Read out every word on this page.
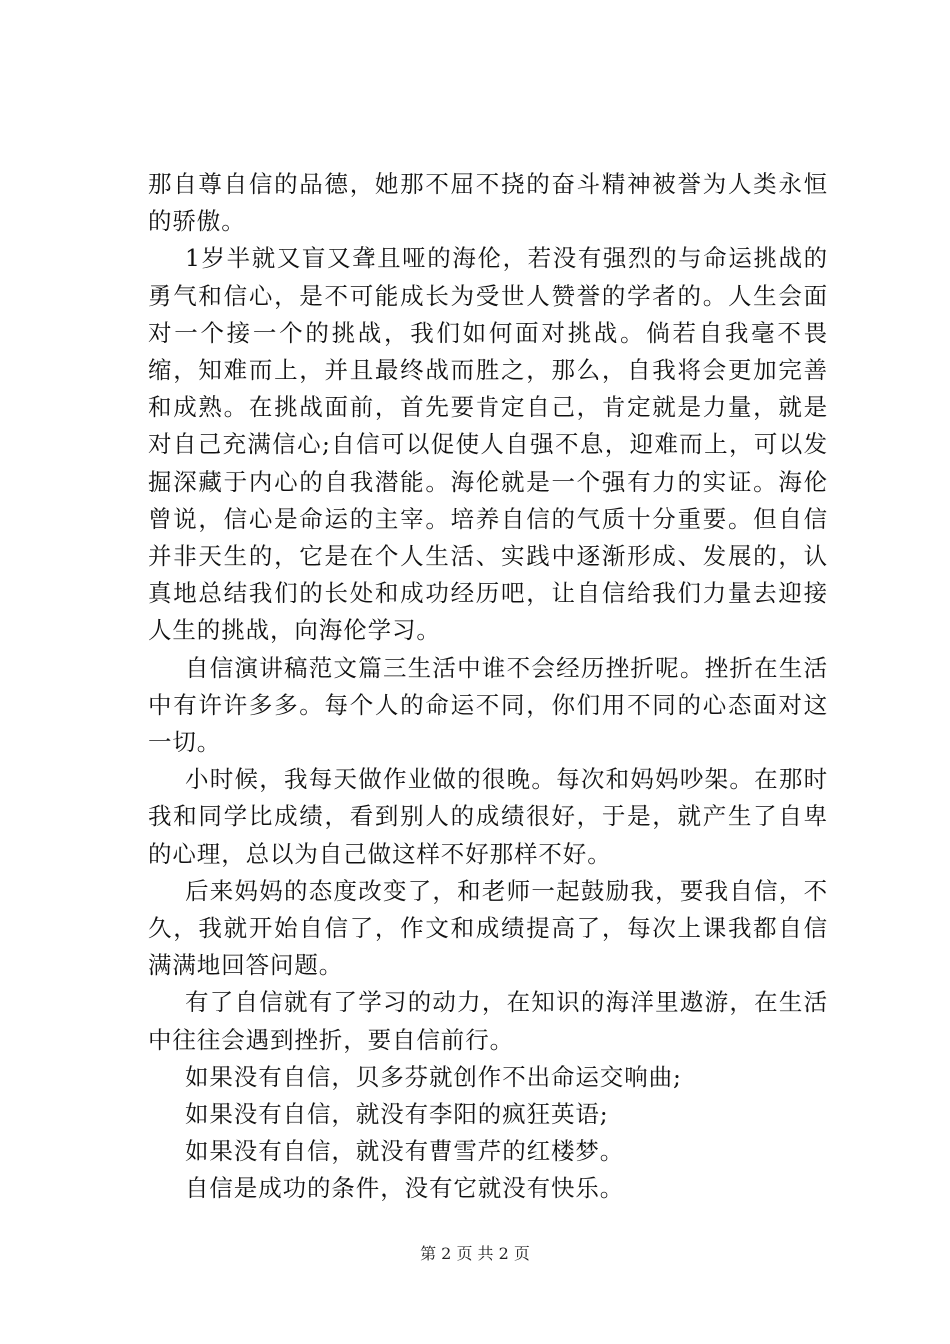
那自尊自信的品德，她那不屈不挠的奋斗精神被誉为人类永恒的骄傲。

1岁半就又盲又聋且哑的海伦，若没有强烈的与命运挑战的勇气和信心，是不可能成长为受世人赞誉的学者的。人生会面对一个接一个的挑战，我们如何面对挑战。倘若自我毫不畏缩，知难而上，并且最终战而胜之，那么，自我将会更加完善和成熟。在挑战面前，首先要肯定自己，肯定就是力量，就是对自己充满信心;自信可以促使人自强不息，迎难而上，可以发掘深藏于内心的自我潜能。海伦就是一个强有力的实证。海伦曾说，信心是命运的主宰。培养自信的气质十分重要。但自信并非天生的，它是在个人生活、实践中逐渐形成、发展的，认真地总结我们的长处和成功经历吧，让自信给我们力量去迎接人生的挑战，向海伦学习。

自信演讲稿范文篇三生活中谁不会经历挫折呢。挫折在生活中有许许多多。每个人的命运不同，你们用不同的心态面对这一切。

小时候，我每天做作业做的很晚。每次和妈妈吵架。在那时我和同学比成绩，看到别人的成绩很好，于是，就产生了自卑的心理，总以为自己做这样不好那样不好。

后来妈妈的态度改变了，和老师一起鼓励我，要我自信，不久，我就开始自信了，作文和成绩提高了，每次上课我都自信满满地回答问题。

有了自信就有了学习的动力，在知识的海洋里遨游，在生活中往往会遇到挫折，要自信前行。

如果没有自信，贝多芬就创作不出命运交响曲;

如果没有自信，就没有李阳的疯狂英语;

如果没有自信，就没有曹雪芹的红楼梦。

自信是成功的条件，没有它就没有快乐。

第 2 页 共 2 页
